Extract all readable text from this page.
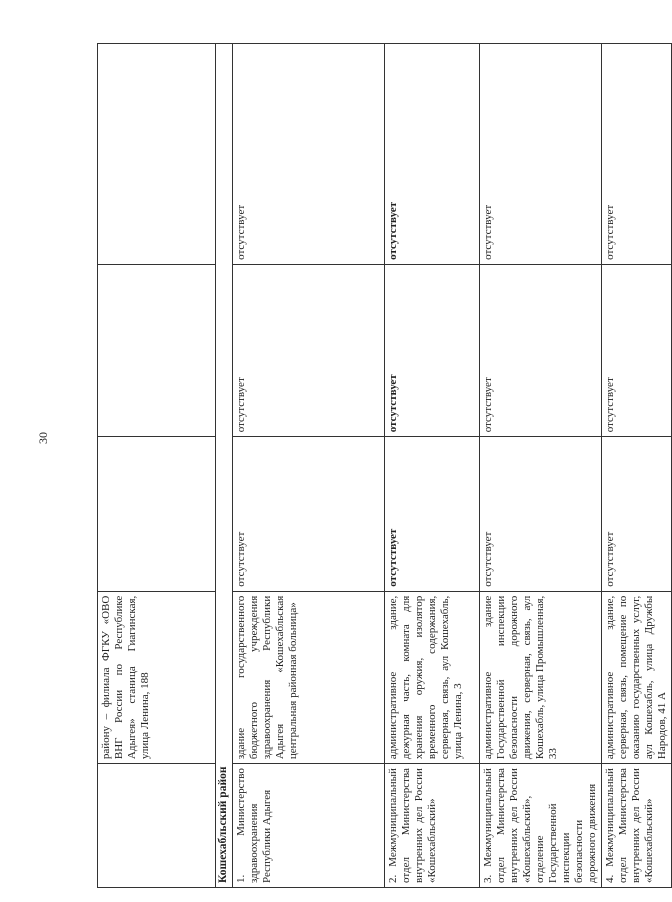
30
	району – филиала ФГКУ «ОВО ВНГ России по Республике Адыгея» станица Гиагинская, улица Ленина, 188			
Кошехабльский район				
1. Министерство здравоохранения Республики Адыгея	здание государственного бюджетного учреждения здравоохранения Республики Адыгея «Кошехабльская центральная районная больница»	отсутствует	отсутствует	отсутствует
2. Межмуниципальный отдел Министерства внутренних дел России «Кошехабльский»	административное здание, дежурная часть, комната для хранения оружия, изолятор временного содержания, серверная, связь, аул Кошехабль, улица Ленина, 3	отсутствует	отсутствует	отсутствует
3. Межмуниципальный отдел Министерства внутренних дел России «Кошехабльский», отделение Государственной инспекции безопасности дорожного движения	административное здание Государственной инспекции безопасности дорожного движения, серверная, связь, аул Кошехабль, улица Промышленная, 33	отсутствует	отсутствует	отсутствует
4. Межмуниципальный отдел Министерства внутренних дел России «Кошехабльский»	административное здание, серверная, связь, помещение по оказанию государственных услуг, аул Кошехабль, улица Дружбы Народов, 41 А	отсутствует	отсутствует	отсутствует
